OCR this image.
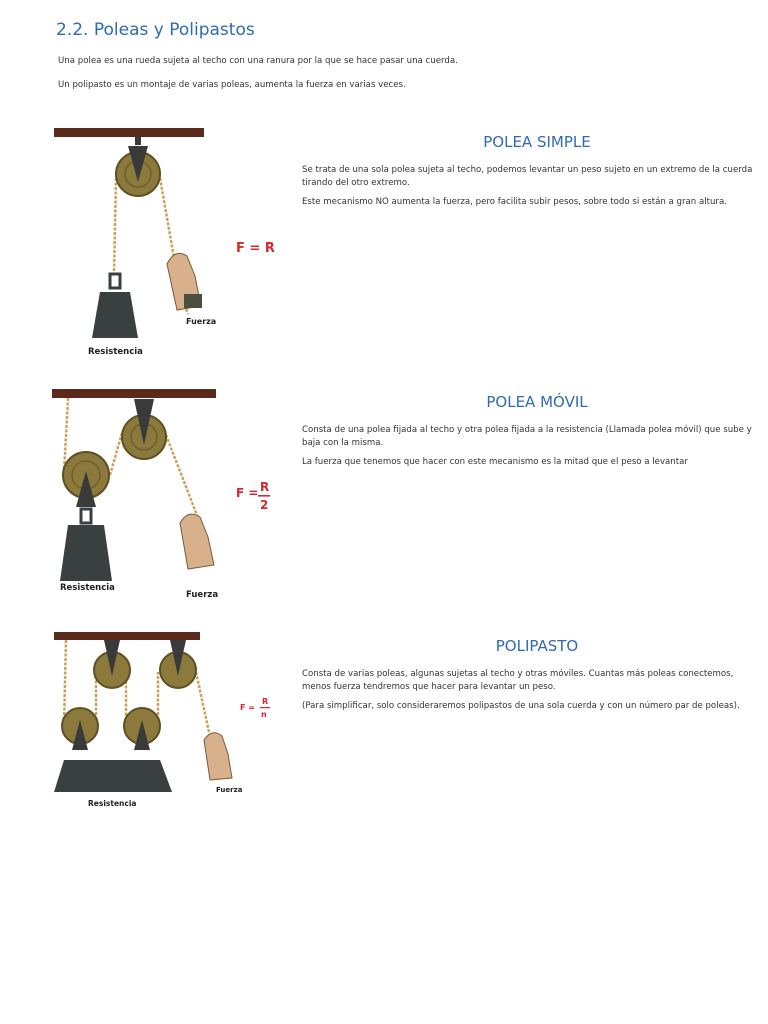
2.2. Poleas y Polipastos

Una polea es una rueda sujeta al techo con una ranura por la que se hace pasar una cuerda.

Un polipasto es un montaje de varias poleas, aumenta la fuerza en varias veces.

F = R
Fuerza
Resistencia
POLEA SIMPLE

Se trata de una sola polea sujeta al techo, podemos levantar un peso sujeto en un extremo de la cuerda tirando del otro extremo.

Este mecanismo NO aumenta la fuerza, pero facilita subir pesos, sobre todo si están a gran altura.

F = R
2
Resistencia
Fuerza
POLEA MÓVIL

Consta de una polea fijada al techo y otra polea fijada a la resistencia (Llamada polea móvil) que sube y baja con la misma.

La fuerza que tenemos que hacer con este mecanismo es la mitad que el peso a levantar

F =
R
n
Fuerza
Resistencia
POLIPASTO

Consta de varias poleas, algunas sujetas al techo y otras móviles. Cuantas más poleas conectemos, menos fuerza tendremos que hacer para levantar un peso.

(Para simplificar, solo consideraremos polipastos de una sola cuerda y con un número par de poleas).
